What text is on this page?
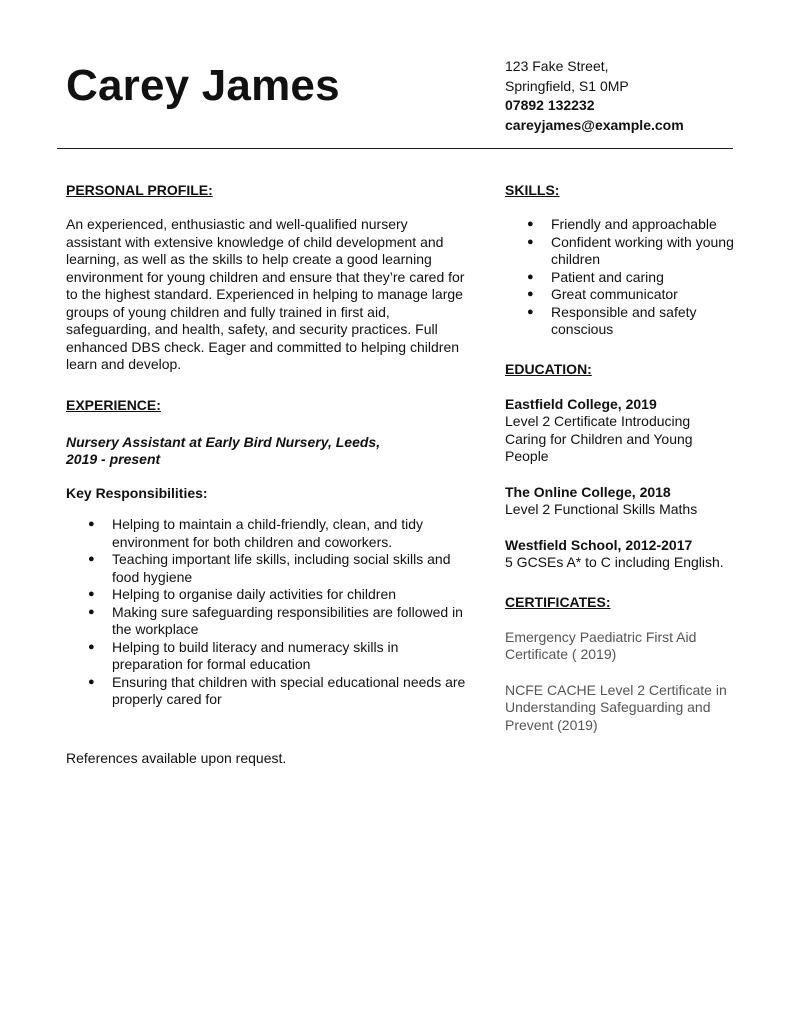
Carey James	123 Fake Street,
Springfield, S1 0MP
07892 132232
careyjames@example.com
PERSONAL PROFILE:

An experienced, enthusiastic and well-qualified nursery assistant with extensive knowledge of child development and learning, as well as the skills to help create a good learning environment for young children and ensure that they’re cared for to the highest standard. Experienced in helping to manage large groups of young children and fully trained in first aid, safeguarding, and health, safety, and security practices. Full enhanced DBS check. Eager and committed to helping children learn and develop.

EXPERIENCE:
Nursery Assistant at Early Bird Nursery, Leeds,
2019 - present
Key Responsibilities:
● Helping to maintain a child-friendly, clean, and tidy environment for both children and coworkers.
● Teaching important life skills, including social skills and food hygiene
● Helping to organise daily activities for children
● Making sure safeguarding responsibilities are followed in the workplace
● Helping to build literacy and numeracy skills in preparation for formal education
● Ensuring that children with special educational needs are properly cared for
References available upon request.
SKILLS:
● Friendly and approachable
● Confident working with young children
● Patient and caring
● Great communicator
● Responsible and safety conscious
EDUCATION:
Eastfield College, 2019
Level 2 Certificate Introducing Caring for Children and Young People
The Online College, 2018
Level 2 Functional Skills Maths
Westfield School, 2012-2017
5 GCSEs A* to C including English.
CERTIFICATES:
Emergency Paediatric First Aid Certificate ( 2019)
NCFE CACHE Level 2 Certificate in Understanding Safeguarding and Prevent (2019)
